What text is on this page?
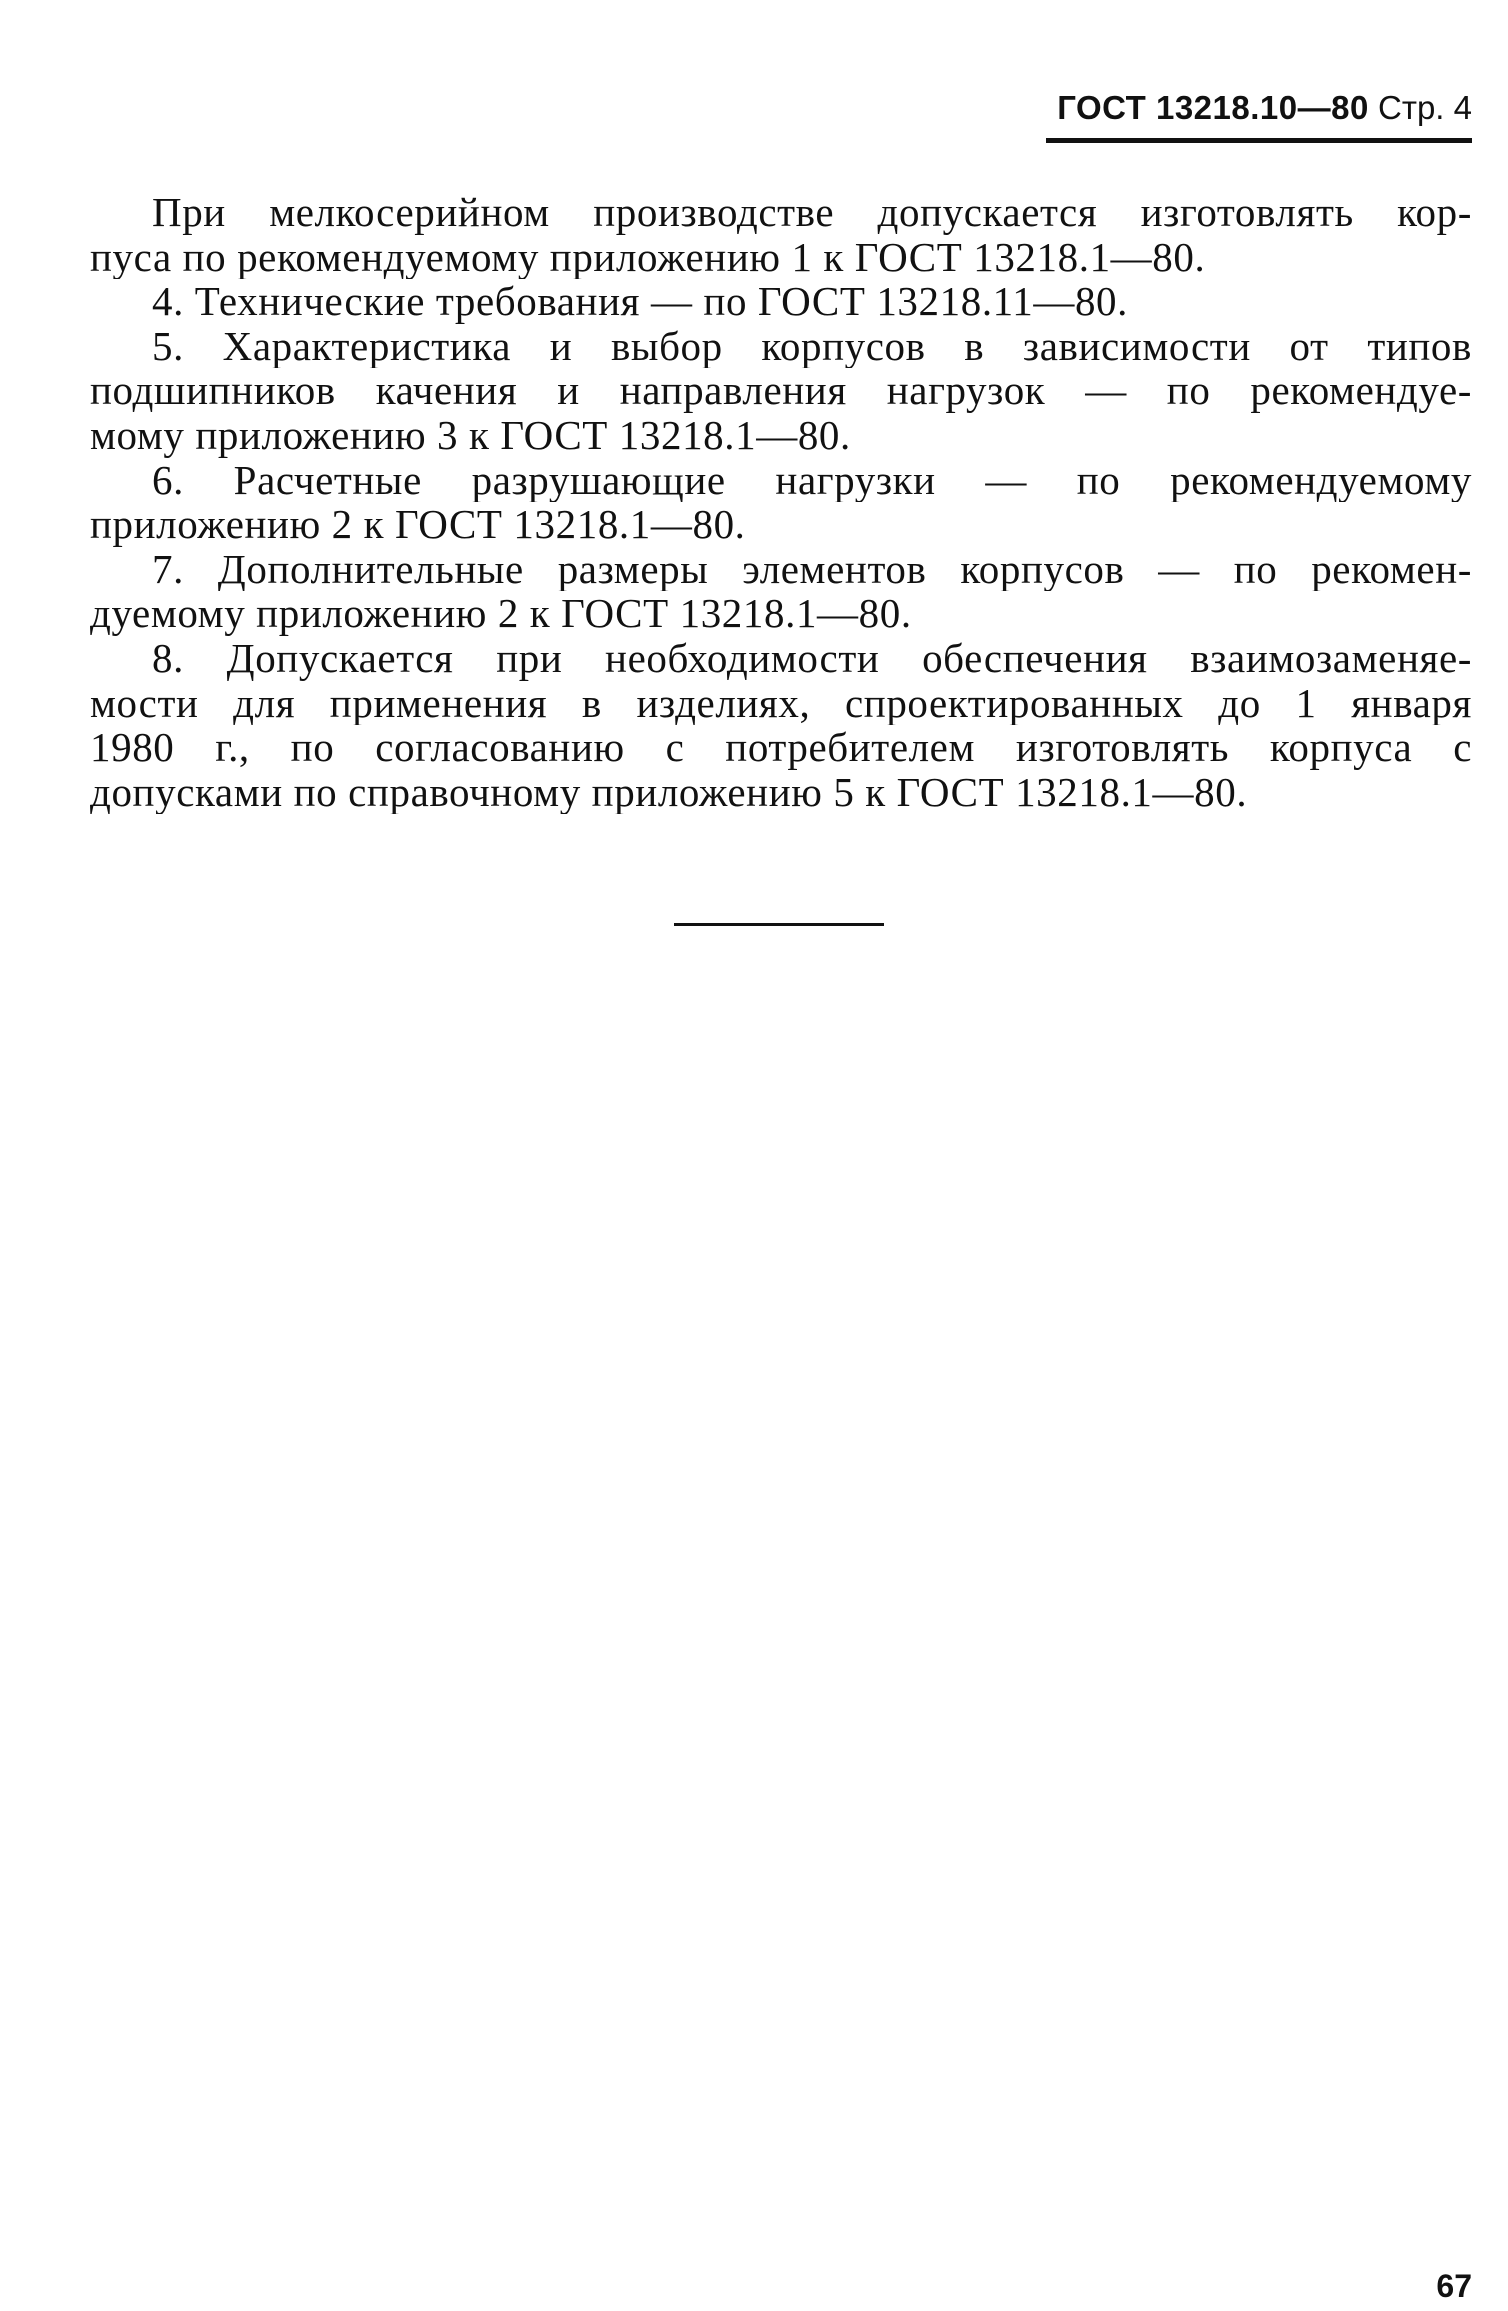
ГОСТ 13218.10—80 Стр. 4
При мелкосерийном производстве допускается изготовлять кор-
пуса по рекомендуемому приложению 1 к ГОСТ 13218.1—80.
4. Технические требования — по ГОСТ 13218.11—80.
5. Характеристика и выбор корпусов в зависимости от типов
подшипников качения и направления нагрузок — по рекомендуе-
мому приложению 3 к ГОСТ 13218.1—80.
6. Расчетные разрушающие нагрузки — по рекомендуемому
приложению 2 к ГОСТ 13218.1—80.
7. Дополнительные размеры элементов корпусов — по рекомен-
дуемому приложению 2 к ГОСТ 13218.1—80.
8. Допускается при необходимости обеспечения взаимозаменяе-
мости для применения в изделиях, спроектированных до 1 января
1980 г., по согласованию с потребителем изготовлять корпуса с
допусками по справочному приложению 5 к ГОСТ 13218.1—80.
67
